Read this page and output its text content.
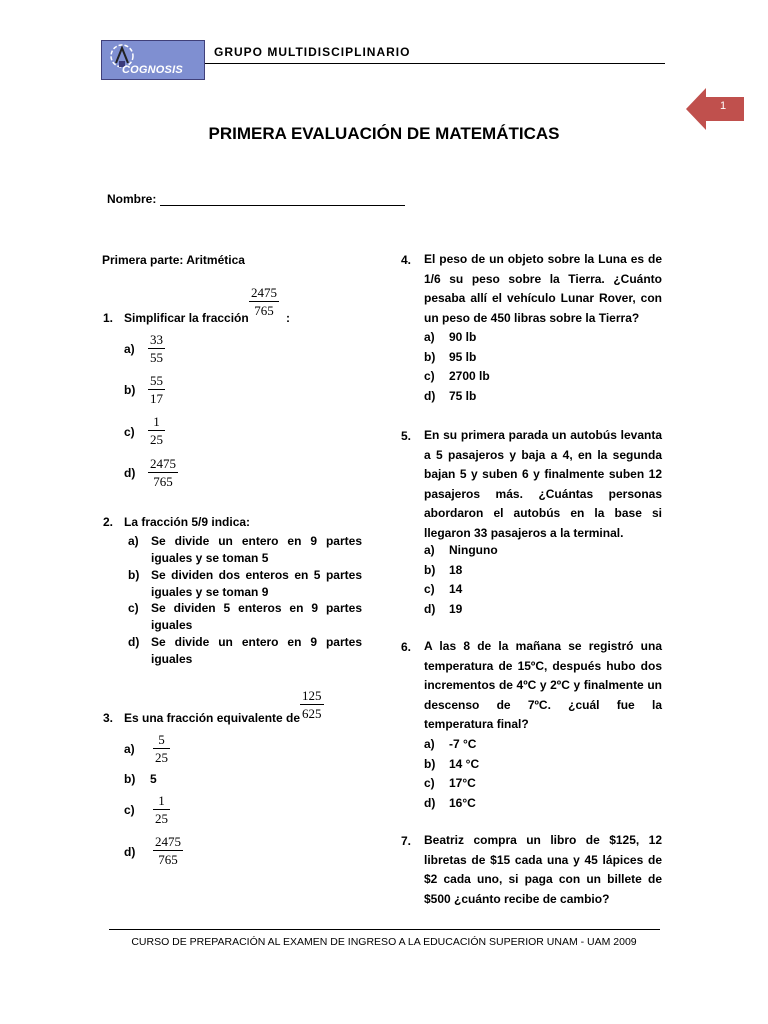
COGNOSIS
GRUPO MULTIDISCIPLINARIO
1
PRIMERA EVALUACIÓN DE MATEMÁTICAS
Nombre:
Primera parte: Aritmética
$\frac{2475}{765}$
1. Simplificar la fracción	:
$a) \frac{33}{55}$
$b) \frac{55}{17}$
$c) \frac{1}{25}$
$d) \frac{2475}{765}$
2. La fracción 5/9 indica:
a) Se divide un entero en 9 partes iguales y se toman 5
b) Se dividen dos enteros en 5 partes iguales y se toman 9
c) Se dividen 5 enteros en 9 partes iguales
d) Se divide un entero en 9 partes iguales
$\frac{125}{625}$
3. Es una fracción equivalente de
$a) \frac{5}{25}$
b) 5
$c) \frac{1}{25}$
$d) \frac{2475}{765}$
4. El peso de un objeto sobre la Luna es de 1/6 su peso sobre la Tierra. ¿Cuánto pesaba allí el vehículo Lunar Rover, con un peso de 450 libras sobre la Tierra?
a) 90 lb
b) 95 lb
c) 2700 lb
d) 75 lb
5. En su primera parada un autobús levanta a 5 pasajeros y baja a 4, en la segunda bajan 5 y suben 6 y finalmente suben 12 pasajeros más. ¿Cuántas personas abordaron el autobús en la base si llegaron 33 pasajeros a la terminal.
a) Ninguno
b) 18
c) 14
d) 19
6. A las 8 de la mañana se registró una temperatura de 15ºC, después hubo dos incrementos de 4ºC y 2ºC y finalmente un descenso de 7ºC. ¿cuál fue la temperatura final?
a) -7 °C
b) 14 °C
c) 17°C
d) 16°C
7. Beatriz compra un libro de $125, 12 libretas de $15 cada una y 45 lápices de $2 cada uno, si paga con un billete de $500 ¿cuánto recibe de cambio?
CURSO DE PREPARACIÓN AL EXAMEN DE INGRESO A LA EDUCACIÓN SUPERIOR UNAM - UAM 2009
